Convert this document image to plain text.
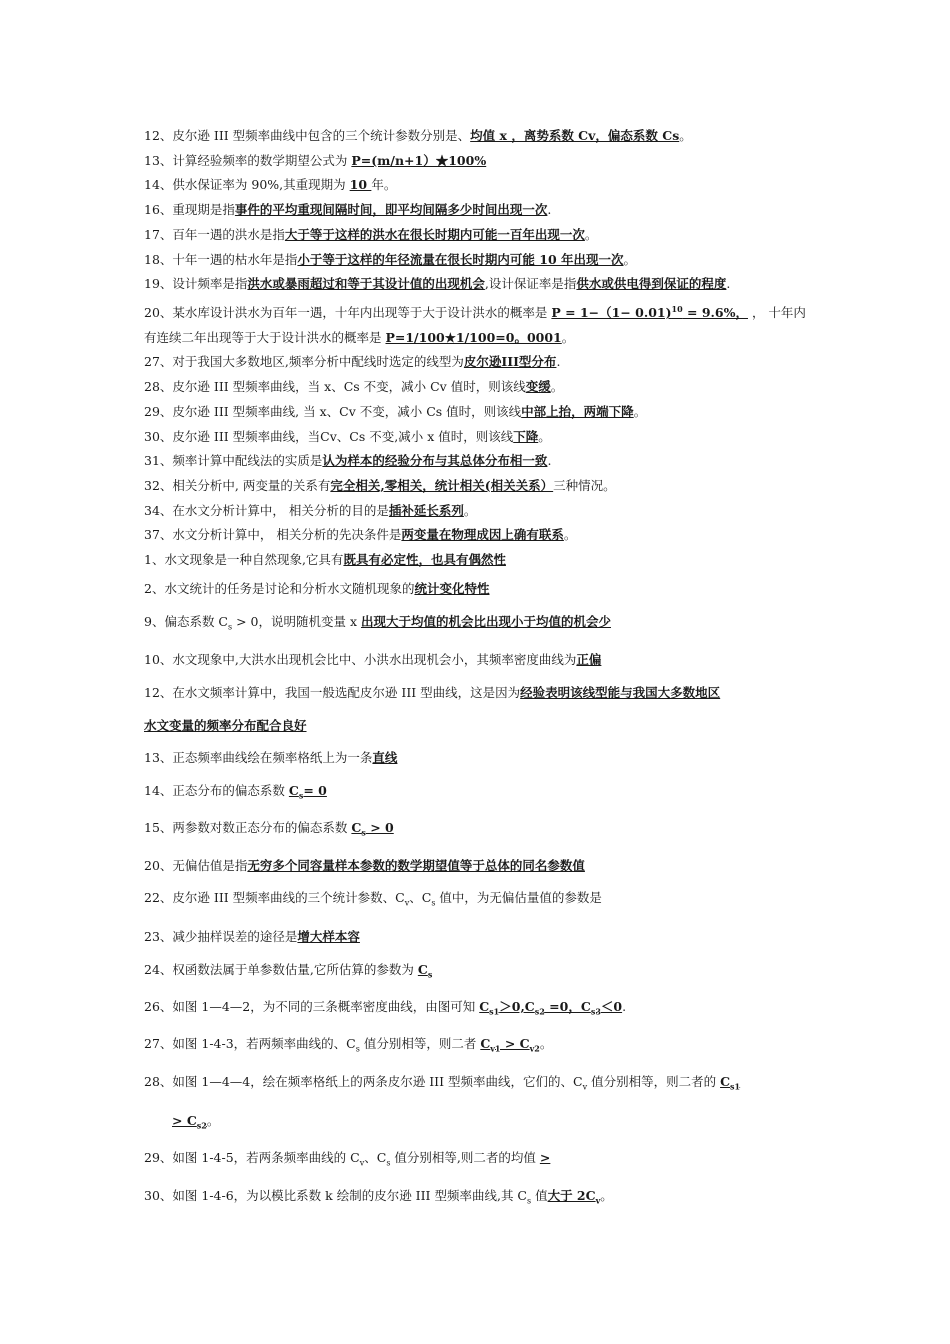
12、皮尔逊 III 型频率曲线中包含的三个统计参数分别是、均值 x ，离势系数 Cv，偏态系数 Cs。
13、计算经验频率的数学期望公式为 P=(m/n+1）★100%
14、供水保证率为 90%,其重现期为 10 年。
16、重现期是指事件的平均重现间隔时间，即平均间隔多少时间出现一次.
17、百年一遇的洪水是指大于等于这样的洪水在很长时期内可能一百年出现一次。
18、十年一遇的枯水年是指小于等于这样的年径流量在很长时期内可能 10 年出现一次。
19、设计频率是指洪水或暴雨超过和等于其设计值的出现机会,设计保证率是指供水或供电得到保证的程度.
20、某水库设计洪水为百年一遇，十年内出现等于大于设计洪水的概率是 P = 1−（1− 0.01)$^{10}$ = 9.6%， ， 十年内有连续二年出现等于大于设计洪水的概率是 P=1/100★1/100=0。0001。
27、对于我国大多数地区,频率分析中配线时选定的线型为皮尔逊III型分布.
28、皮尔逊 III 型频率曲线，当 x、Cs 不变，减小 Cv 值时，则该线变缓。
29、皮尔逊 III 型频率曲线, 当 x、Cv 不变，减小 Cs 值时，则该线中部上抬，两端下降。
30、皮尔逊 III 型频率曲线，当Cv、Cs 不变,减小 x 值时，则该线下降。
31、频率计算中配线法的实质是认为样本的经验分布与其总体分布相一致.
32、相关分析中, 两变量的关系有完全相关,零相关，统计相关(相关关系）三种情况。
34、在水文分析计算中， 相关分析的目的是插补延长系列。
37、水文分析计算中， 相关分析的先决条件是两变量在物理成因上确有联系。
1、水文现象是一种自然现象,它具有既具有必定性，也具有偶然性
2、水文统计的任务是讨论和分析水文随机现象的统计变化特性
9、偏态系数 $C_s > 0$，说明随机变量 x 出现大于均值的机会比出现小于均值的机会少
10、水文现象中,大洪水出现机会比中、小洪水出现机会小，其频率密度曲线为正偏
12、在水文频率计算中，我国一般选配皮尔逊 III 型曲线，这是因为经验表明该线型能与我国大多数地区
水文变量的频率分布配合良好
13、正态频率曲线绘在频率格纸上为一条直线
14、正态分布的偏态系数 $C_s= 0$
15、两参数对数正态分布的偏态系数 $C_s > 0$
20、无偏估值是指无穷多个同容量样本参数的数学期望值等于总体的同名参数值
22、皮尔逊 III 型频率曲线的三个统计参数、$C_v$、$C_s$ 值中，为无偏估量值的参数是
23、减少抽样误差的途径是增大样本容
24、权函数法属于单参数估量,它所估算的参数为 $C_s$
26、如图 1—4—2，为不同的三条概率密度曲线，由图可知 $C_{s1}>0,C_{s2} =0$，$C_{s3}<0$.
27、如图 1-4-3，若两频率曲线的、$C_s$ 值分别相等，则二者 $C_{v1} > C_{v2}$。
28、如图 1—4—4，绘在频率格纸上的两条皮尔逊 III 型频率曲线，它们的、$C_v$ 值分别相等，则二者的 $C_{s1}$
> $C_{s2}$。
29、如图 1-4-5，若两条频率曲线的 $C_v$、$C_s$ 值分别相等,则二者的均值 >
30、如图 1-4-6，为以模比系数 k 绘制的皮尔逊 III 型频率曲线,其 $C_s$ 值大于 $2C_v$。
